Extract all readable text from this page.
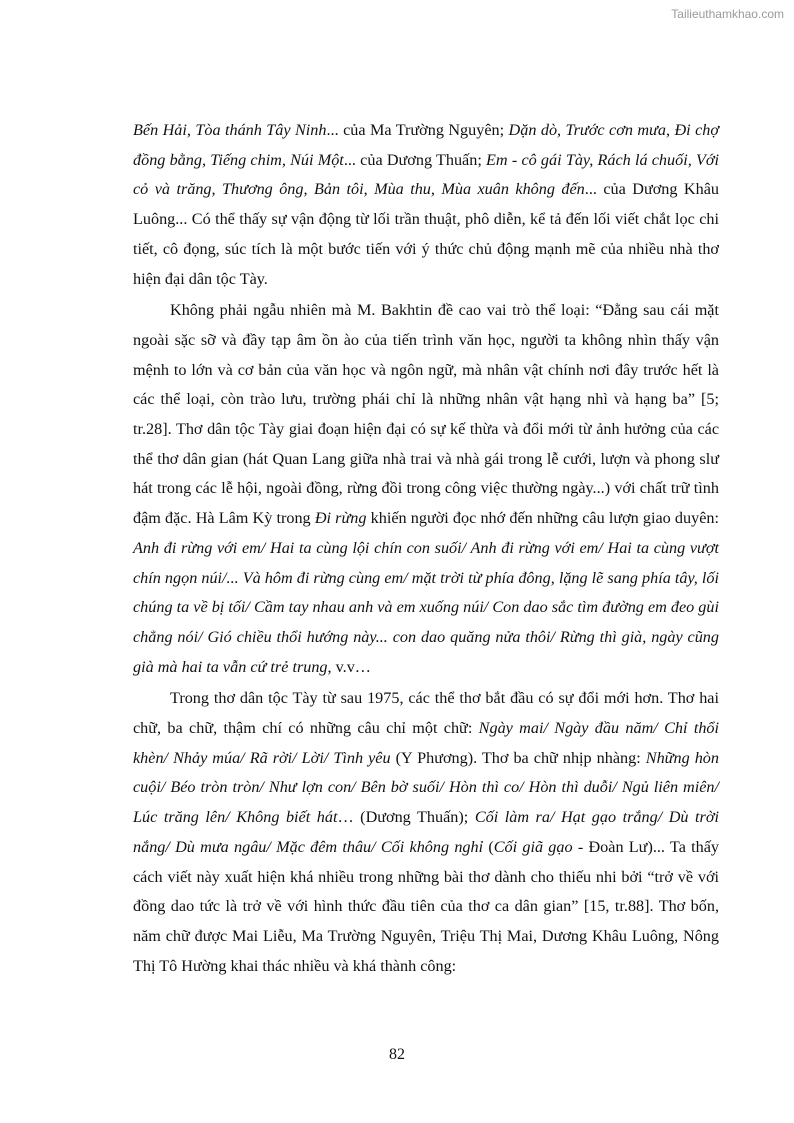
Tailieuthamkhao.com

Bến Hải, Tòa thánh Tây Ninh... của Ma Trường Nguyên; Dặn dò, Trước cơn mưa, Đi chợ đồng bằng, Tiếng chim, Núi Một... của Dương Thuấn; Em - cô gái Tày, Rách lá chuối, Với cỏ và trăng, Thương ông, Bản tôi, Mùa thu, Mùa xuân không đến... của Dương Khâu Luông... Có thể thấy sự vận động từ lối trần thuật, phô diễn, kể tả đến lối viết chắt lọc chi tiết, cô đọng, súc tích là một bước tiến với ý thức chủ động mạnh mẽ của nhiều nhà thơ hiện đại dân tộc Tày.

Không phải ngẫu nhiên mà M. Bakhtin đề cao vai trò thể loại: “Đằng sau cái mặt ngoài sặc sỡ và đầy tạp âm ồn ào của tiến trình văn học, người ta không nhìn thấy vận mệnh to lớn và cơ bản của văn học và ngôn ngữ, mà nhân vật chính nơi đây trước hết là các thể loại, còn trào lưu, trường phái chỉ là những nhân vật hạng nhì và hạng ba” [5; tr.28]. Thơ dân tộc Tày giai đoạn hiện đại có sự kế thừa và đổi mới từ ảnh hưởng của các thể thơ dân gian (hát Quan Lang giữa nhà trai và nhà gái trong lễ cưới, lượn và phong slư hát trong các lễ hội, ngoài đồng, rừng đồi trong công việc thường ngày...) với chất trữ tình đậm đặc. Hà Lâm Kỳ trong Đi rừng khiến người đọc nhớ đến những câu lượn giao duyên: Anh đi rừng với em/ Hai ta cùng lội chín con suối/ Anh đi rừng với em/ Hai ta cùng vượt chín ngọn núi/... Và hôm đi rừng cùng em/ mặt trời từ phía đông, lặng lẽ sang phía tây, lối chúng ta về bị tối/ Cầm tay nhau anh và em xuống núi/ Con dao sắc tìm đường em đeo gùi chẳng nói/ Gió chiều thổi hướng này... con dao quăng nửa thôi/ Rừng thì già, ngày cũng già mà hai ta vẫn cứ trẻ trung, v.v…

Trong thơ dân tộc Tày từ sau 1975, các thể thơ bắt đầu có sự đổi mới hơn. Thơ hai chữ, ba chữ, thậm chí có những câu chỉ một chữ: Ngày mai/ Ngày đầu năm/ Chỉ thổi khèn/ Nhảy múa/ Rã rời/ Lời/ Tình yêu (Y Phương). Thơ ba chữ nhịp nhàng: Những hòn cuội/ Béo tròn tròn/ Như lợn con/ Bên bờ suối/ Hòn thì co/ Hòn thì duỗi/ Ngủ liên miên/ Lúc trăng lên/ Không biết hát… (Dương Thuấn); Cối làm ra/ Hạt gạo trắng/ Dù trời nắng/ Dù mưa ngâu/ Mặc đêm thâu/ Cối không nghỉ (Cối giã gạo - Đoàn Lư)... Ta thấy cách viết này xuất hiện khá nhiều trong những bài thơ dành cho thiếu nhi bởi “trở về với đồng dao tức là trở về với hình thức đầu tiên của thơ ca dân gian” [15, tr.88]. Thơ bốn, năm chữ được Mai Liễu, Ma Trường Nguyên, Triệu Thị Mai, Dương Khâu Luông, Nông Thị Tô Hường khai thác nhiều và khá thành công:

82
